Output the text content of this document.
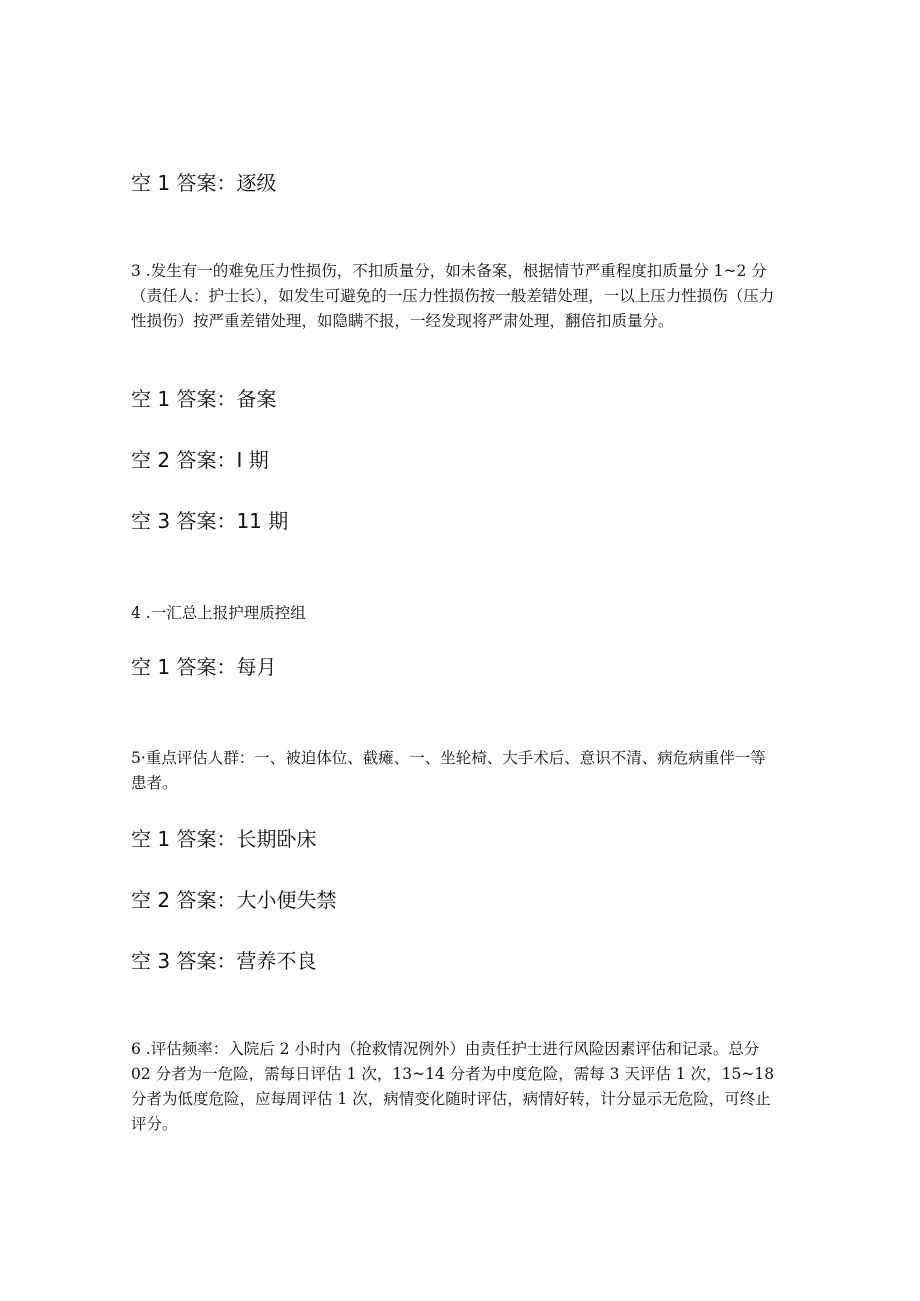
空 1 答案：逐级
3 .发生有一的难免压力性损伤，不扣质量分，如未备案，根据情节严重程度扣质量分 1~2 分（责任人：护士长），如发生可避免的一压力性损伤按一般差错处理，一以上压力性损伤（压力性损伤）按严重差错处理，如隐瞒不报，一经发现将严肃处理，翻倍扣质量分。
空 1 答案：备案
空 2 答案：I 期
空 3 答案：11 期
4 .一汇总上报护理质控组
空 1 答案：每月
5·重点评估人群：一、被迫体位、截瘫、一、坐轮椅、大手术后、意识不清、病危病重伴一等患者。
空 1 答案：长期卧床
空 2 答案：大小便失禁
空 3 答案：营养不良
6 .评估频率：入院后 2 小时内（抢救情况例外）由责任护士进行风险因素评估和记录。总分 02 分者为一危险，需每日评估 1 次，13~14 分者为中度危险，需每 3 天评估 1 次，15~18 分者为低度危险，应每周评估 1 次，病情变化随时评估，病情好转，计分显示无危险，可终止评分。
